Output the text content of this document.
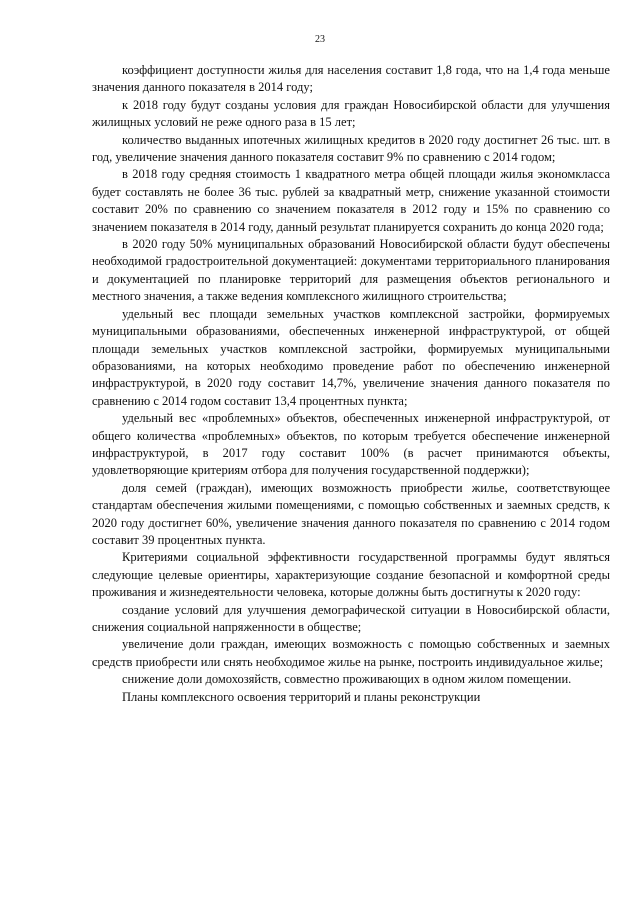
23

коэффициент доступности жилья для населения составит 1,8 года, что на 1,4 года меньше значения данного показателя в 2014 году;

к 2018 году будут созданы условия для граждан Новосибирской области для улучшения жилищных условий не реже одного раза в 15 лет;

количество выданных ипотечных жилищных кредитов в 2020 году достигнет 26 тыс. шт. в год, увеличение значения данного показателя составит 9% по сравнению с 2014 годом;

в 2018 году средняя стоимость 1 квадратного метра общей площади жилья экономкласса будет составлять не более 36 тыс. рублей за квадратный метр, снижение указанной стоимости составит 20% по сравнению со значением показателя в 2012 году и 15% по сравнению со значением показателя в 2014 году, данный результат планируется сохранить до конца 2020 года;

в 2020 году 50% муниципальных образований Новосибирской области будут обеспечены необходимой градостроительной документацией: документами территориального планирования и документацией по планировке территорий для размещения объектов регионального и местного значения, а также ведения комплексного жилищного строительства;

удельный вес площади земельных участков комплексной застройки, формируемых муниципальными образованиями, обеспеченных инженерной инфраструктурой, от общей площади земельных участков комплексной застройки, формируемых муниципальными образованиями, на которых необходимо проведение работ по обеспечению инженерной инфраструктурой, в 2020 году составит 14,7%, увеличение значения данного показателя по сравнению с 2014 годом составит 13,4 процентных пункта;

удельный вес «проблемных» объектов, обеспеченных инженерной инфраструктурой, от общего количества «проблемных» объектов, по которым требуется обеспечение инженерной инфраструктурой, в 2017 году составит 100% (в расчет принимаются объекты, удовлетворяющие критериям отбора для получения государственной поддержки);

доля семей (граждан), имеющих возможность приобрести жилье, соответствующее стандартам обеспечения жилыми помещениями, с помощью собственных и заемных средств, к 2020 году достигнет 60%, увеличение значения данного показателя по сравнению с 2014 годом составит 39 процентных пункта.

Критериями социальной эффективности государственной программы будут являться следующие целевые ориентиры, характеризующие создание безопасной и комфортной среды проживания и жизнедеятельности человека, которые должны быть достигнуты к 2020 году:

создание условий для улучшения демографической ситуации в Новосибирской области, снижения социальной напряженности в обществе;

увеличение доли граждан, имеющих возможность с помощью собственных и заемных средств приобрести или снять необходимое жилье на рынке, построить индивидуальное жилье;

снижение доли домохозяйств, совместно проживающих в одном жилом помещении.

Планы комплексного освоения территорий и планы реконструкции
